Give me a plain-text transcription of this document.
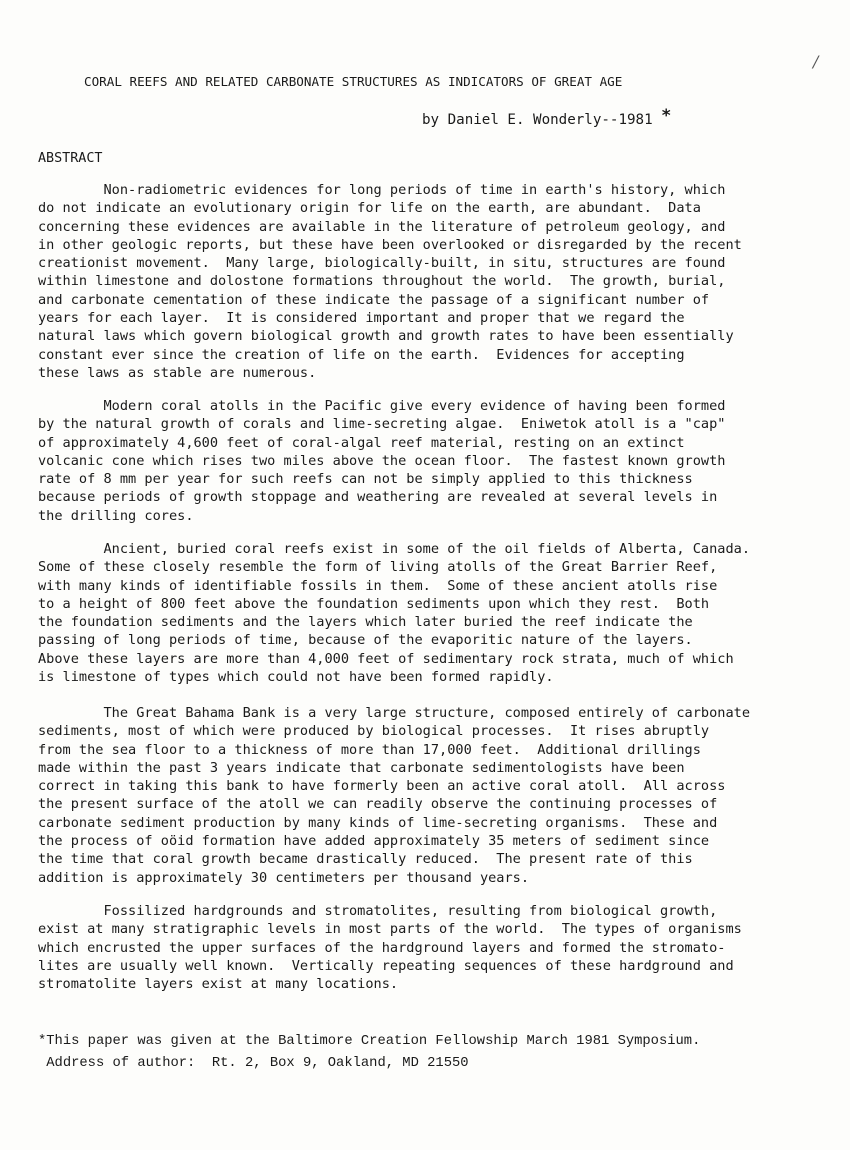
/
CORAL REEFS AND RELATED CARBONATE STRUCTURES AS INDICATORS OF GREAT AGE
by Daniel E. Wonderly--1981 *
ABSTRACT
Non-radiometric evidences for long periods of time in earth's history, which
do not indicate an evolutionary origin for life on the earth, are abundant.  Data
concerning these evidences are available in the literature of petroleum geology, and
in other geologic reports, but these have been overlooked or disregarded by the recent
creationist movement.  Many large, biologically-built, in situ, structures are found
within limestone and dolostone formations throughout the world.  The growth, burial,
and carbonate cementation of these indicate the passage of a significant number of
years for each layer.  It is considered important and proper that we regard the
natural laws which govern biological growth and growth rates to have been essentially
constant ever since the creation of life on the earth.  Evidences for accepting
these laws as stable are numerous.
Modern coral atolls in the Pacific give every evidence of having been formed
by the natural growth of corals and lime-secreting algae.  Eniwetok atoll is a "cap"
of approximately 4,600 feet of coral-algal reef material, resting on an extinct
volcanic cone which rises two miles above the ocean floor.  The fastest known growth
rate of 8 mm per year for such reefs can not be simply applied to this thickness
because periods of growth stoppage and weathering are revealed at several levels in
the drilling cores.
Ancient, buried coral reefs exist in some of the oil fields of Alberta, Canada.
Some of these closely resemble the form of living atolls of the Great Barrier Reef,
with many kinds of identifiable fossils in them.  Some of these ancient atolls rise
to a height of 800 feet above the foundation sediments upon which they rest.  Both
the foundation sediments and the layers which later buried the reef indicate the
passing of long periods of time, because of the evaporitic nature of the layers.
Above these layers are more than 4,000 feet of sedimentary rock strata, much of which
is limestone of types which could not have been formed rapidly.
The Great Bahama Bank is a very large structure, composed entirely of carbonate
sediments, most of which were produced by biological processes.  It rises abruptly
from the sea floor to a thickness of more than 17,000 feet.  Additional drillings
made within the past 3 years indicate that carbonate sedimentologists have been
correct in taking this bank to have formerly been an active coral atoll.  All across
the present surface of the atoll we can readily observe the continuing processes of
carbonate sediment production by many kinds of lime-secreting organisms.  These and
the process of oöid formation have added approximately 35 meters of sediment since
the time that coral growth became drastically reduced.  The present rate of this
addition is approximately 30 centimeters per thousand years.
Fossilized hardgrounds and stromatolites, resulting from biological growth,
exist at many stratigraphic levels in most parts of the world.  The types of organisms
which encrusted the upper surfaces of the hardground layers and formed the stromato-
lites are usually well known.  Vertically repeating sequences of these hardground and
stromatolite layers exist at many locations.
*This paper was given at the Baltimore Creation Fellowship March 1981 Symposium.
Address of author:  Rt. 2, Box 9, Oakland, MD 21550
